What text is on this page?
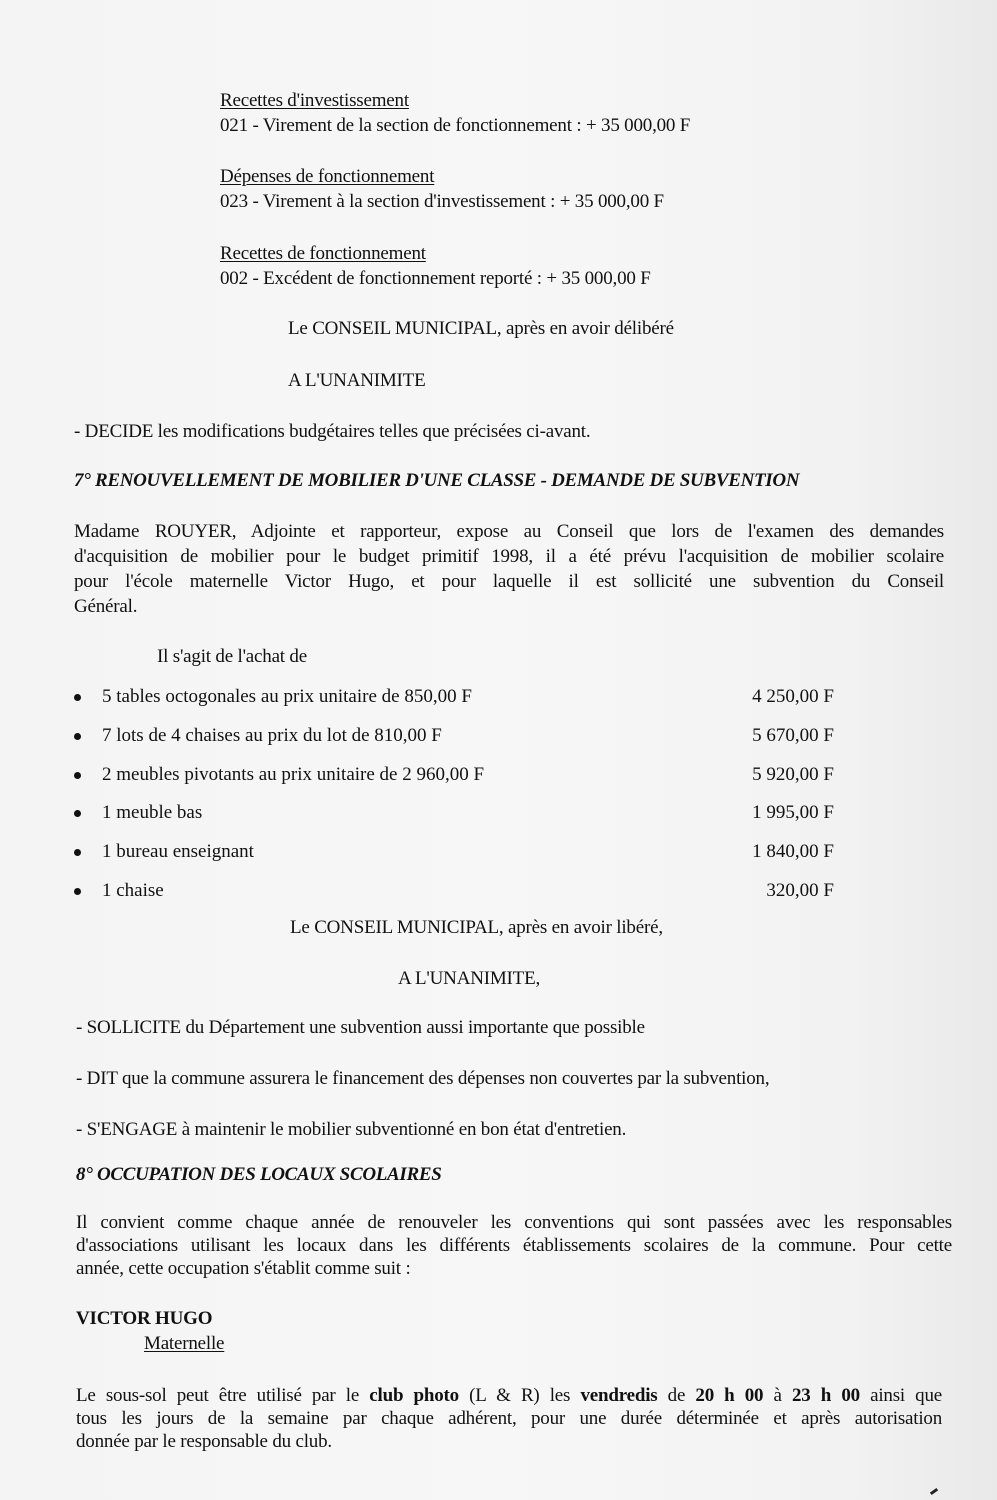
Recettes d'investissement
021 - Virement de la section de fonctionnement : + 35 000,00 F
Dépenses de fonctionnement
023 - Virement à la section d'investissement : + 35 000,00 F
Recettes de fonctionnement
002 - Excédent de fonctionnement reporté : + 35 000,00 F
Le CONSEIL MUNICIPAL, après en avoir délibéré
A L'UNANIMITE
- DECIDE les modifications budgétaires telles que précisées ci-avant.
7° RENOUVELLEMENT DE MOBILIER D'UNE CLASSE - DEMANDE DE SUBVENTION
Madame ROUYER, Adjointe et rapporteur, expose au Conseil que lors de l'examen des demandes
d'acquisition de mobilier pour le budget primitif 1998, il a été prévu l'acquisition de mobilier scolaire
pour l'école maternelle Victor Hugo, et pour laquelle il est sollicité une subvention du Conseil
Général.
Il s'agit de l'achat de
5 tables octogonales au prix unitaire de 850,00 F	4 250,00 F
7 lots de 4 chaises au prix du lot de 810,00 F	5 670,00 F
2 meubles pivotants au prix unitaire de 2 960,00 F	5 920,00 F
1 meuble bas	1 995,00 F
1 bureau enseignant	1 840,00 F
1 chaise	320,00 F
Le CONSEIL MUNICIPAL, après en avoir libéré,
A L'UNANIMITE,
- SOLLICITE du Département une subvention aussi importante que possible
- DIT que la commune assurera le financement des dépenses non couvertes par la subvention,
- S'ENGAGE à maintenir le mobilier subventionné en bon état d'entretien.
8° OCCUPATION DES LOCAUX SCOLAIRES
Il convient comme chaque année de renouveler les conventions qui sont passées avec les responsables
d'associations utilisant les locaux dans les différents établissements scolaires de la commune. Pour cette
année, cette occupation s'établit comme suit :
VICTOR HUGO
Maternelle
Le sous-sol peut être utilisé par le club photo (L & R) les vendredis de 20 h 00 à 23 h 00 ainsi que
tous les jours de la semaine par chaque adhérent, pour une durée déterminée et après autorisation
donnée par le responsable du club.
